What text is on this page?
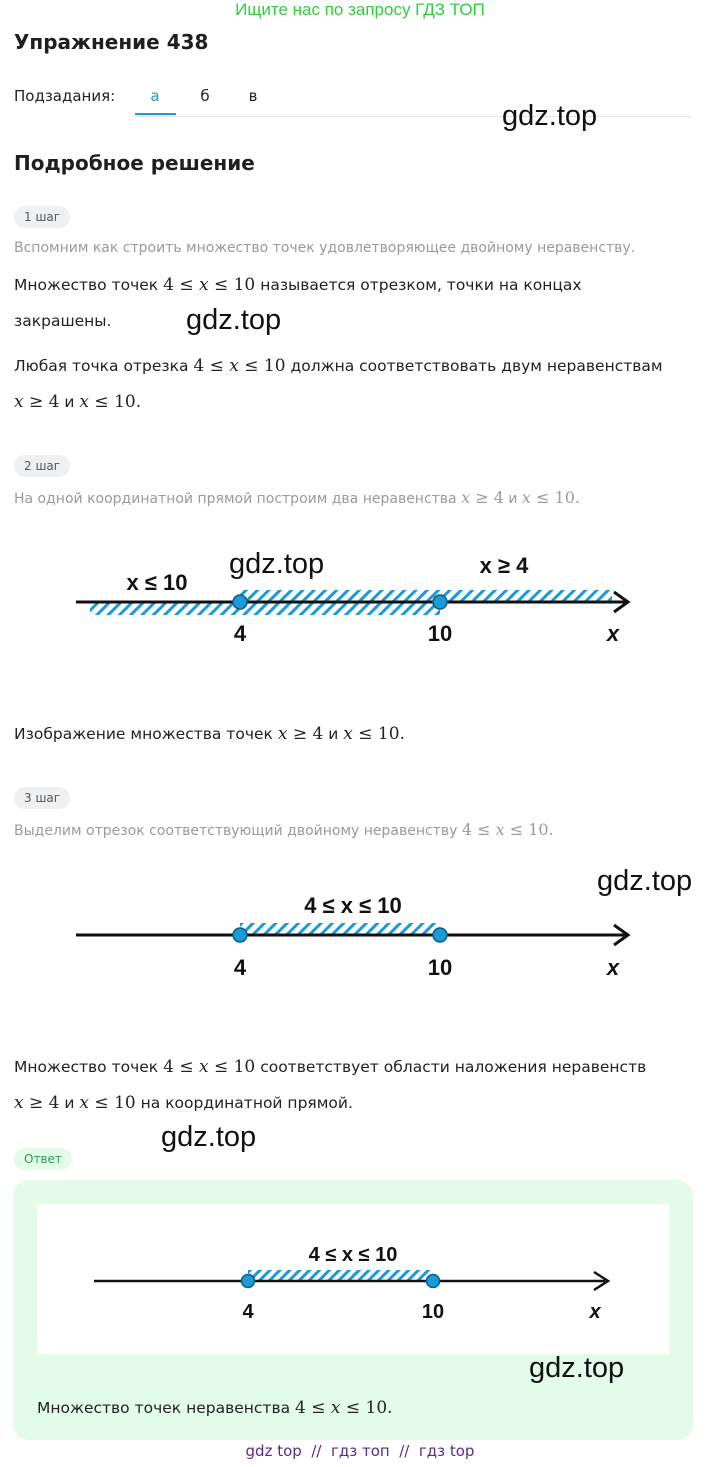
Ищите нас по запросу ГДЗ ТОП
Упражнение 438
Подзадания:	а	б	в
gdz.top
Подробное решение
1 шаг
Вспомним как строить множество точек удовлетворяющее двойному неравенству.
Множество точек 4 ≤ x ≤ 10 называется отрезком, точки на концах
закрашены.	gdz.top
Любая точка отрезка 4 ≤ x ≤ 10 должна соответствовать двум неравенствам
x ≥ 4 и x ≤ 10.
2 шаг
На одной координатной прямой построим два неравенства x ≥ 4 и x ≤ 10.
x ≤ 10
x ≥ 4
4	10	x
gdz.top
Изображение множества точек x ≥ 4 и x ≤ 10.
3 шаг
Выделим отрезок соответствующий двойному неравенству 4 ≤ x ≤ 10.
gdz.top
4 ≤ x ≤ 10
4	10	x
Множество точек 4 ≤ x ≤ 10 соответствует области наложения неравенств
x ≥ 4 и x ≤ 10 на координатной прямой.
gdz.top
Ответ
4 ≤ x ≤ 10
4	10	x
gdz.top
Множество точек неравенства 4 ≤ x ≤ 10.
gdz top  //  гдз топ  //  гдз top
